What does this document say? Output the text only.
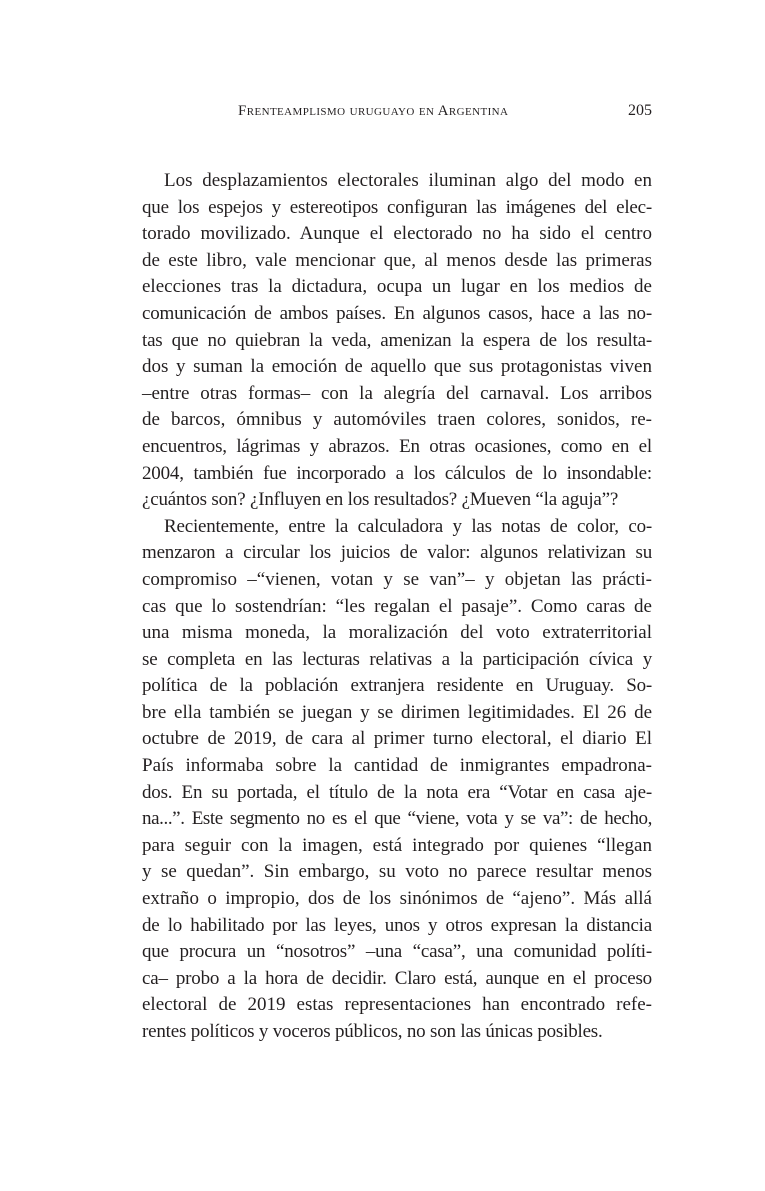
Frenteamplismo uruguayo en Argentina	205
Los desplazamientos electorales iluminan algo del modo en
que los espejos y estereotipos configuran las imágenes del elec-
torado movilizado. Aunque el electorado no ha sido el centro
de este libro, vale mencionar que, al menos desde las primeras
elecciones tras la dictadura, ocupa un lugar en los medios de
comunicación de ambos países. En algunos casos, hace a las no-
tas que no quiebran la veda, amenizan la espera de los resulta-
dos y suman la emoción de aquello que sus protagonistas viven
–entre otras formas– con la alegría del carnaval. Los arribos
de barcos, ómnibus y automóviles traen colores, sonidos, re-
encuentros, lágrimas y abrazos. En otras ocasiones, como en el
2004, también fue incorporado a los cálculos de lo insondable:
¿cuántos son? ¿Influyen en los resultados? ¿Mueven “la aguja”?
Recientemente, entre la calculadora y las notas de color, co-
menzaron a circular los juicios de valor: algunos relativizan su
compromiso –“vienen, votan y se van”– y objetan las prácti-
cas que lo sostendrían: “les regalan el pasaje”. Como caras de
una misma moneda, la moralización del voto extraterritorial
se completa en las lecturas relativas a la participación cívica y
política de la población extranjera residente en Uruguay. So-
bre ella también se juegan y se dirimen legitimidades. El 26 de
octubre de 2019, de cara al primer turno electoral, el diario El
País informaba sobre la cantidad de inmigrantes empadrona-
dos. En su portada, el título de la nota era “Votar en casa aje-
na...”. Este segmento no es el que “viene, vota y se va”: de hecho,
para seguir con la imagen, está integrado por quienes “llegan
y se quedan”. Sin embargo, su voto no parece resultar menos
extraño o impropio, dos de los sinónimos de “ajeno”. Más allá
de lo habilitado por las leyes, unos y otros expresan la distancia
que procura un “nosotros” –una “casa”, una comunidad políti-
ca– probo a la hora de decidir. Claro está, aunque en el proceso
electoral de 2019 estas representaciones han encontrado refe-
rentes políticos y voceros públicos, no son las únicas posibles.
